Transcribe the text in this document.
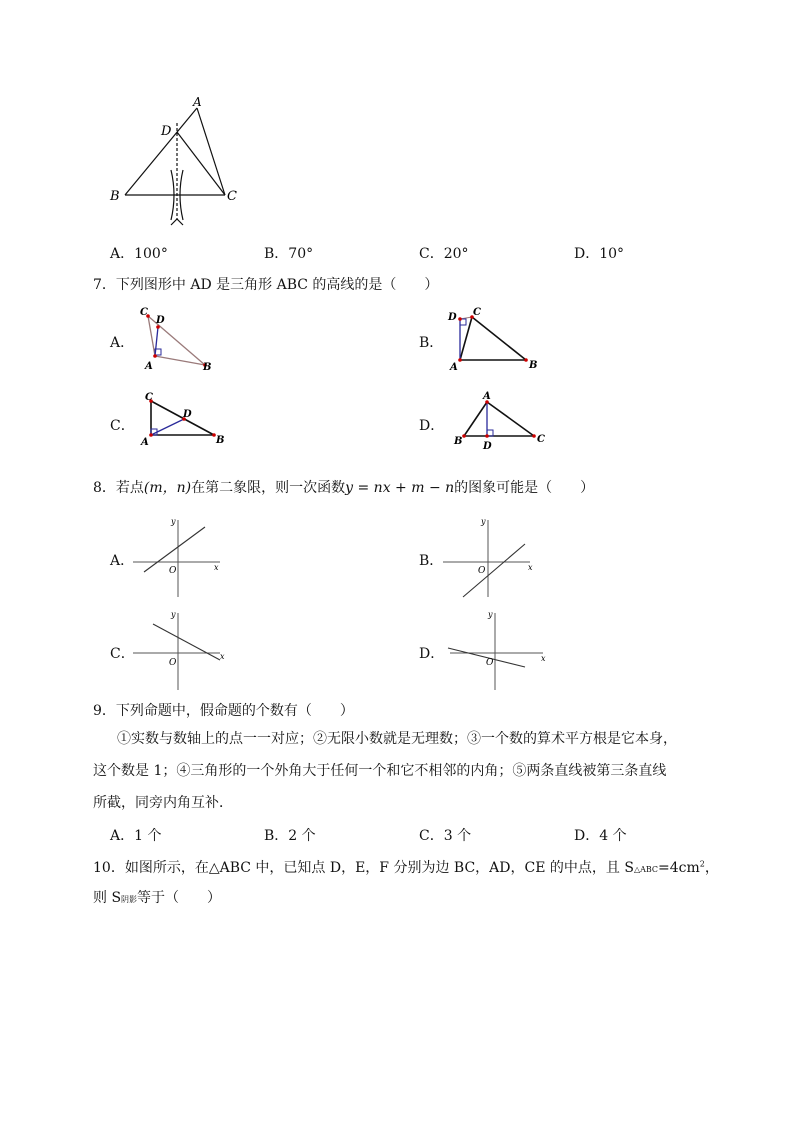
A
D
B	C
A．100°	B．70°	C．20°	D．10°
7．下列图形中 AD 是三角形 ABC 的高线的是（　　）
A．
C
D
A	B
B．
D C
A	B
C．
C
D
A	B
D．
A
B D
C
8．若点(m，n)在第二象限，则一次函数y = nx + m − n的图象可能是（　　）
A．
y
x
O
B．
y
x
O
C．
y
x
O
D．
y
x
O
9．下列命题中，假命题的个数有（　　）

①实数与数轴上的点一一对应；②无限小数就是无理数；③一个数的算术平方根是它本身，

这个数是 1；④三角形的一个外角大于任何一个和它不相邻的内角；⑤两条直线被第三条直线

所截，同旁内角互补．

A．1 个	B．2 个	C．3 个	D．4 个
10．如图所示，在△ABC 中，已知点 D，E，F 分别为边 BC，AD，CE 的中点，且 $S\triangle ABC=4cm^2$，
则 S阴影等于（　　）
